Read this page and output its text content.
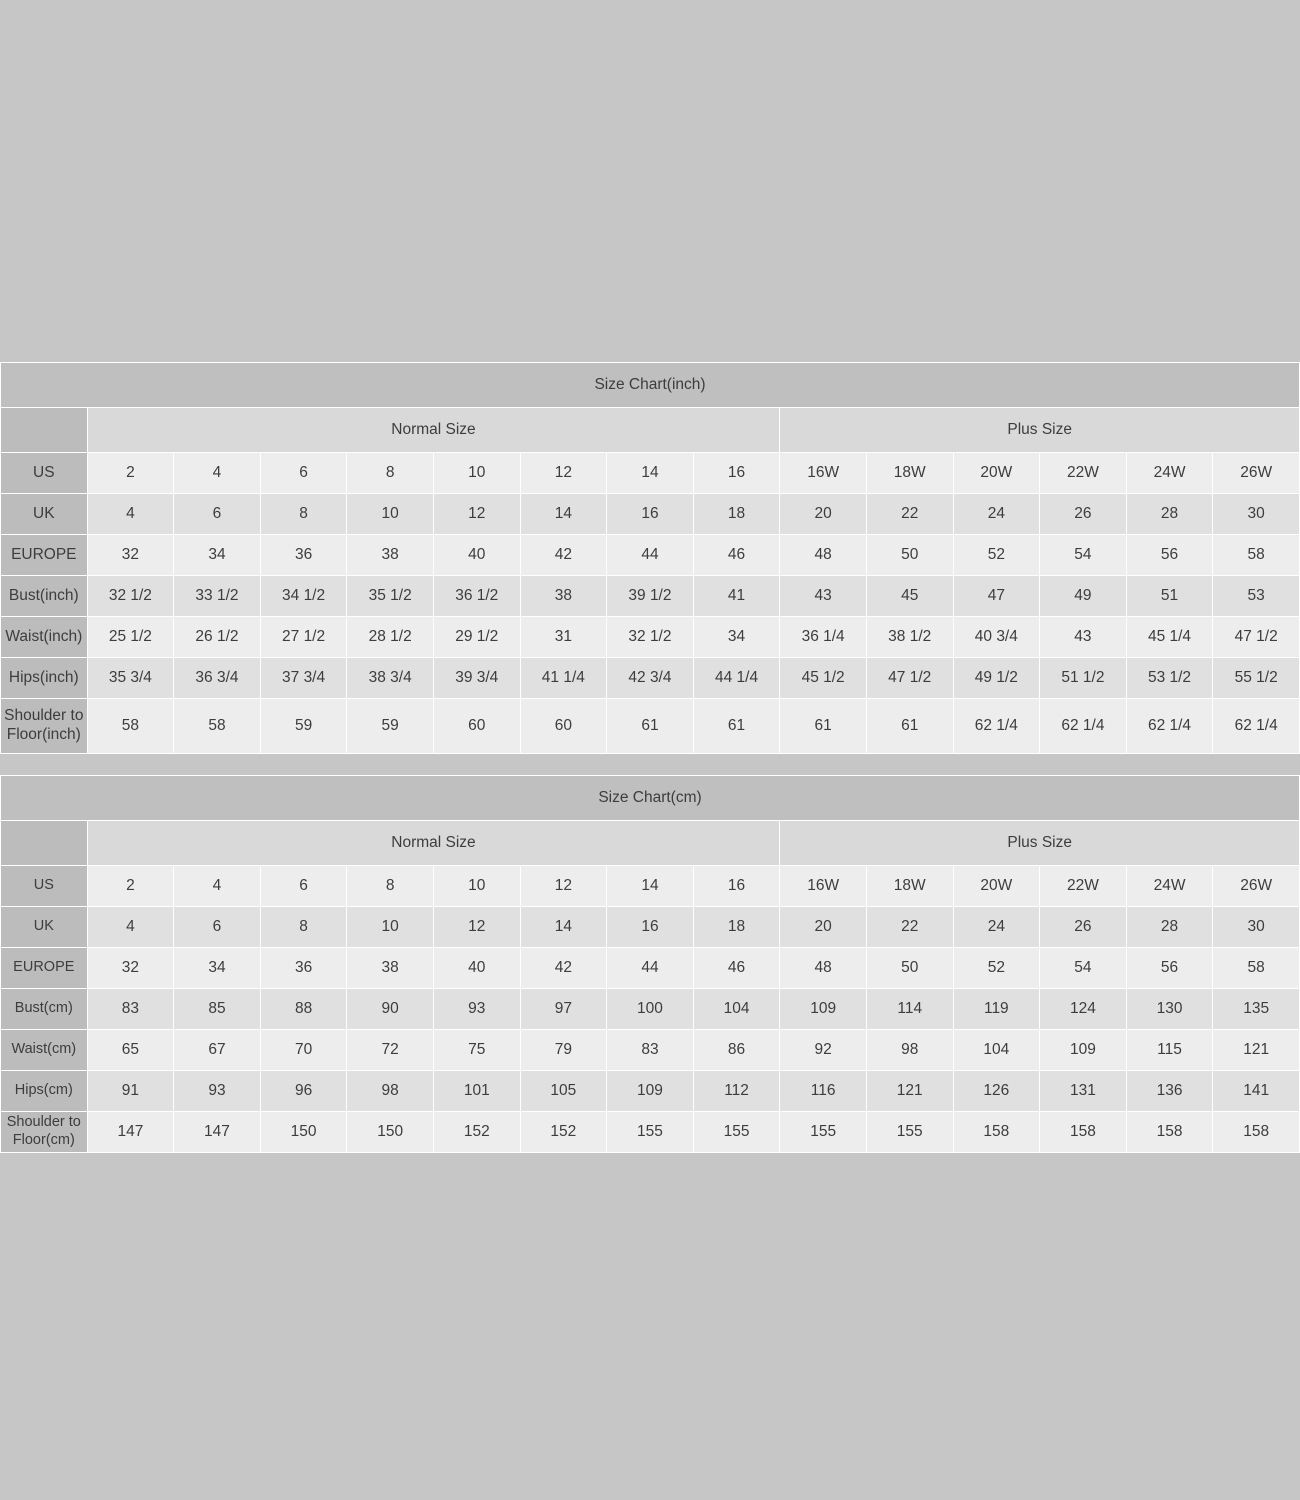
Size Chart(inch)														
	Normal Size								Plus Size					
US	2	4	6	8	10	12	14	16	16W	18W	20W	22W	24W	26W
UK	4	6	8	10	12	14	16	18	20	22	24	26	28	30
EUROPE	32	34	36	38	40	42	44	46	48	50	52	54	56	58
Bust(inch)	32 1/2	33 1/2	34 1/2	35 1/2	36 1/2	38	39 1/2	41	43	45	47	49	51	53
Waist(inch)	25 1/2	26 1/2	27 1/2	28 1/2	29 1/2	31	32 1/2	34	36 1/4	38 1/2	40 3/4	43	45 1/4	47 1/2
Hips(inch)	35 3/4	36 3/4	37 3/4	38 3/4	39 3/4	41 1/4	42 3/4	44 1/4	45 1/2	47 1/2	49 1/2	51 1/2	53 1/2	55 1/2
Shoulder to Floor(inch)	58	58	59	59	60	60	61	61	61	61	62 1/4	62 1/4	62 1/4	62 1/4
Size Chart(cm)														
	Normal Size								Plus Size					
US	2	4	6	8	10	12	14	16	16W	18W	20W	22W	24W	26W
UK	4	6	8	10	12	14	16	18	20	22	24	26	28	30
EUROPE	32	34	36	38	40	42	44	46	48	50	52	54	56	58
Bust(cm)	83	85	88	90	93	97	100	104	109	114	119	124	130	135
Waist(cm)	65	67	70	72	75	79	83	86	92	98	104	109	115	121
Hips(cm)	91	93	96	98	101	105	109	112	116	121	126	131	136	141
Shoulder to Floor(cm)	147	147	150	150	152	152	155	155	155	155	158	158	158	158
